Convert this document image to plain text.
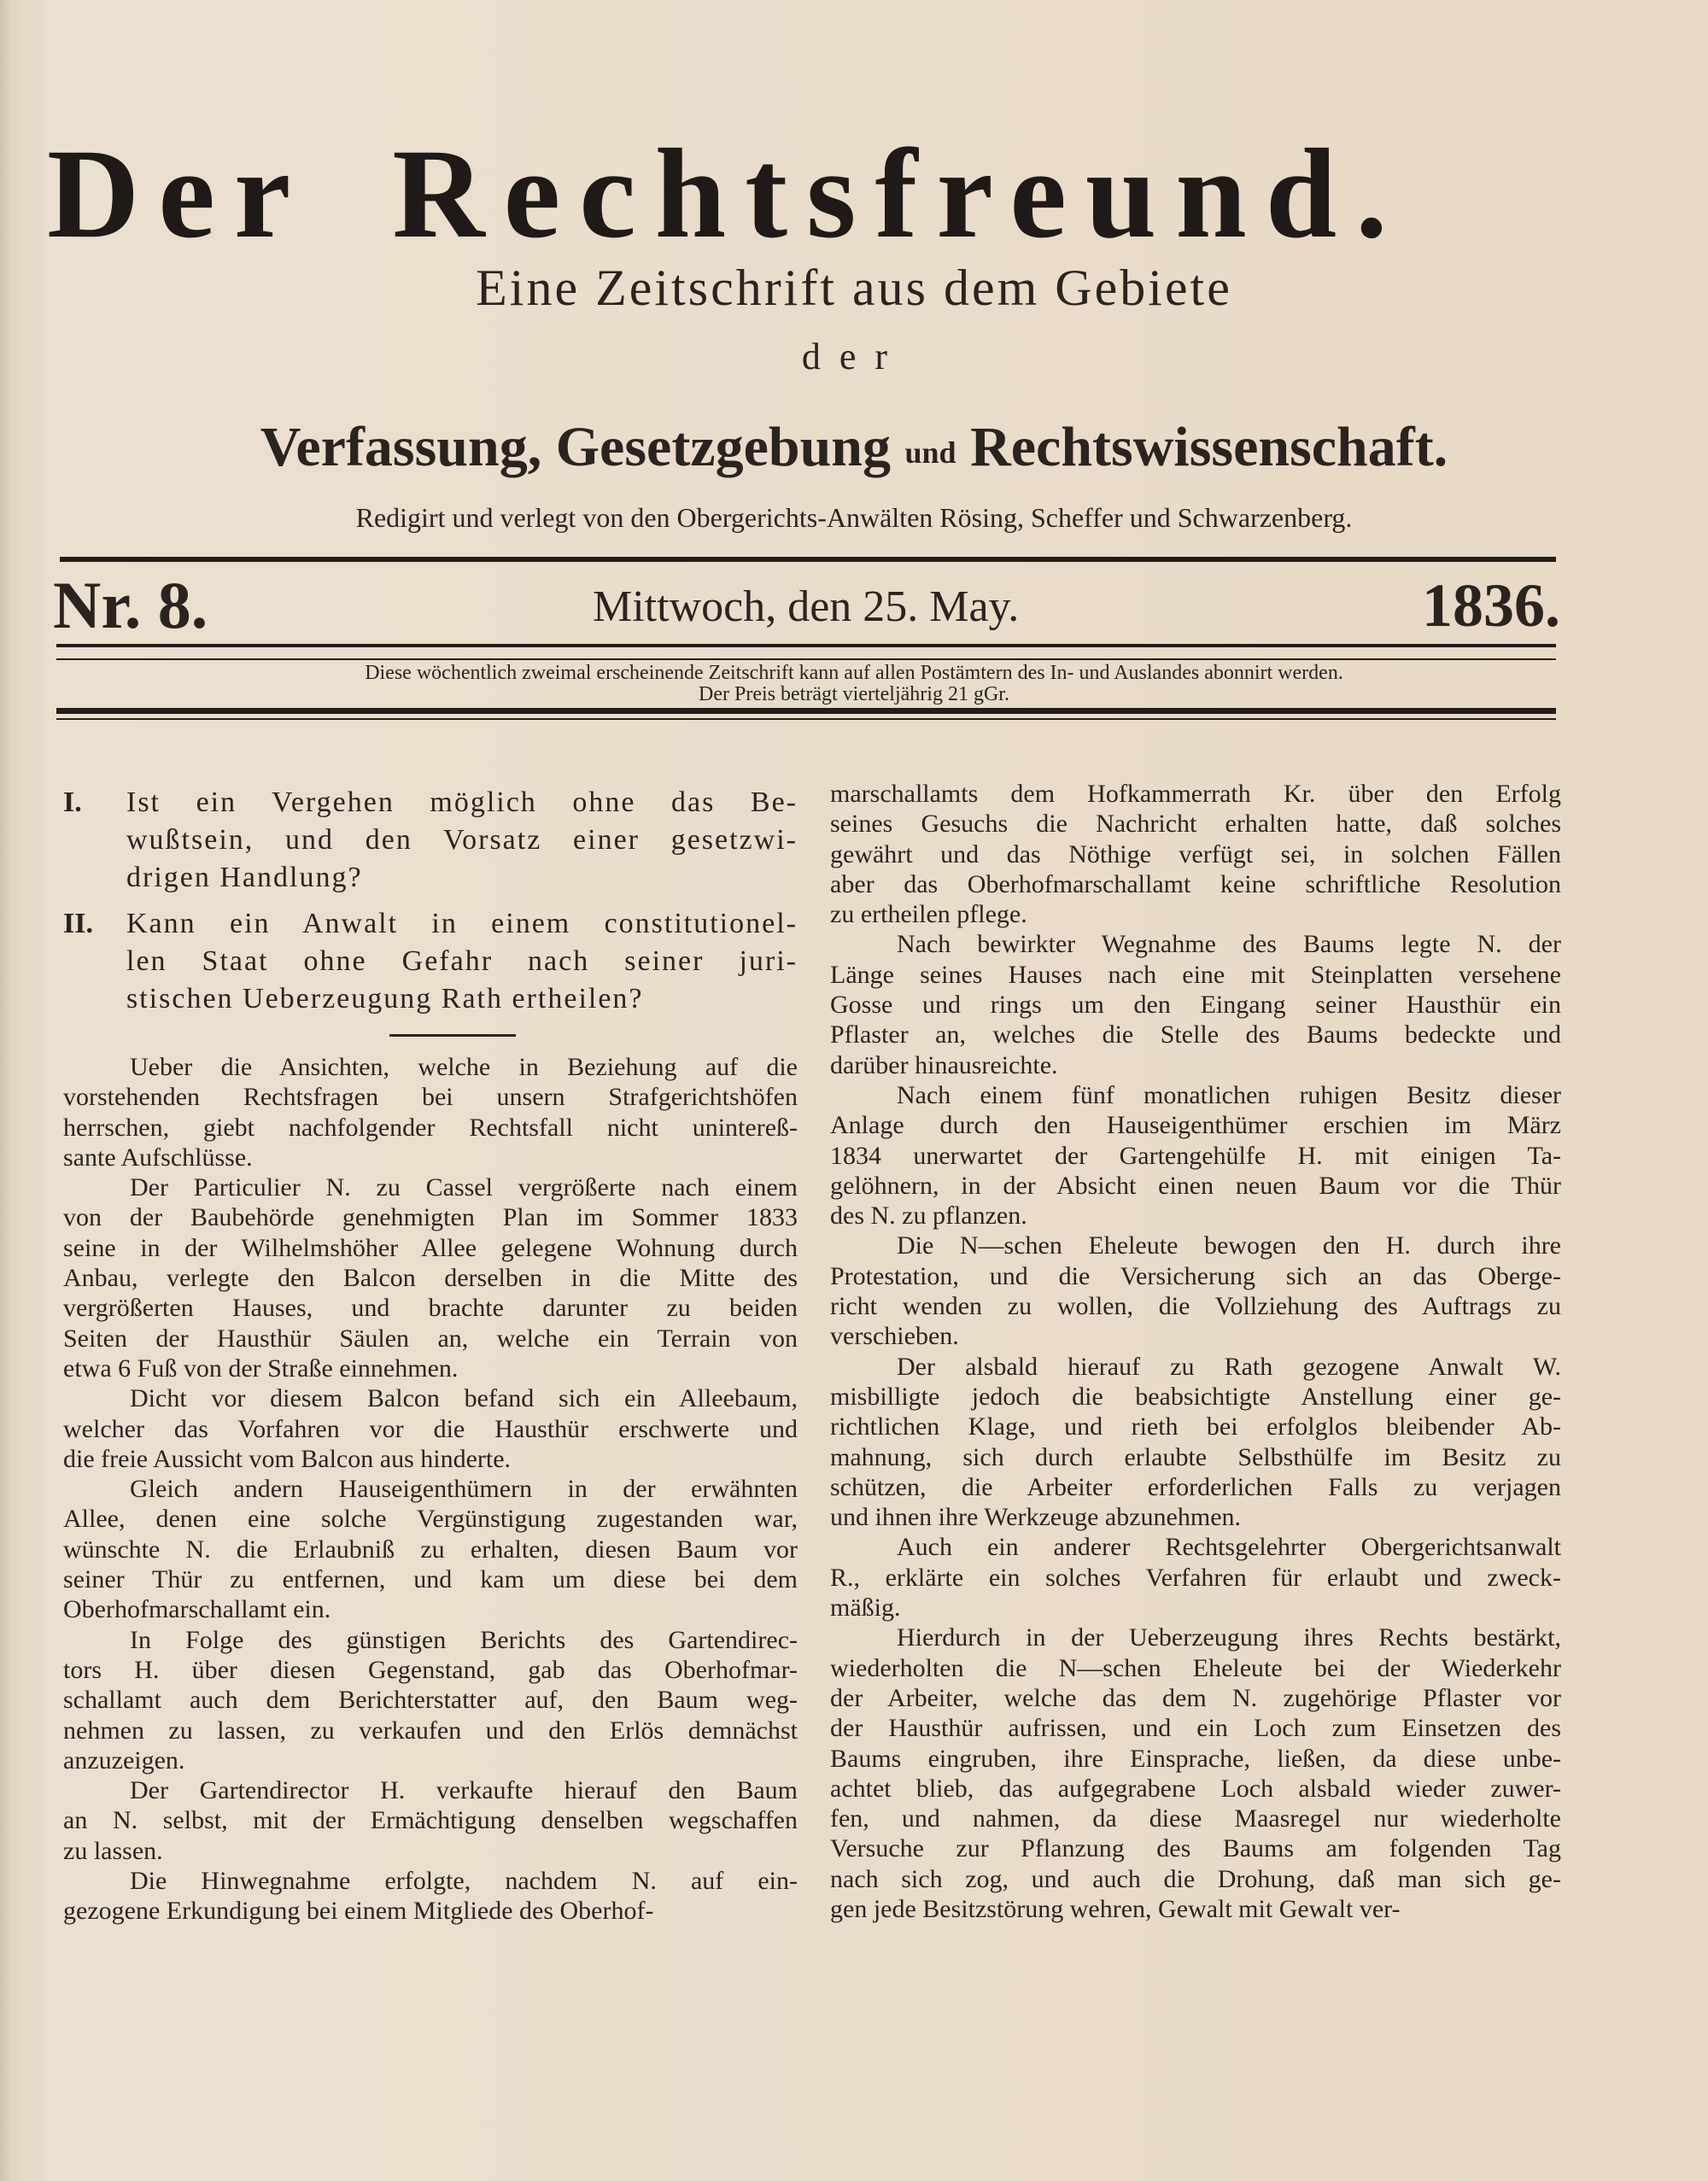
Der Rechtsfreund.
Eine Zeitschrift aus dem Gebiete
der
Verfassung, Gesetzgebung und Rechtswissenschaft.
Redigirt und verlegt von den Obergerichts-Anwälten Rösing, Scheffer und Schwarzenberg.
Nr. 8.	Mittwoch, den 25. May.	1836.
Diese wöchentlich zweimal erscheinende Zeitschrift kann auf allen Postämtern des In- und Auslandes abonnirt werden.
Der Preis beträgt vierteljährig 21 gGr.
I. Ist ein Vergehen möglich ohne das Be-
wußtsein, und den Vorsatz einer gesetzwi-
drigen Handlung?
II. Kann ein Anwalt in einem constitutionel-
len Staat ohne Gefahr nach seiner juri-
stischen Ueberzeugung Rath ertheilen?
Ueber die Ansichten, welche in Beziehung auf die
vorstehenden Rechtsfragen bei unsern Strafgerichtshöfen
herrschen, giebt nachfolgender Rechtsfall nicht unintereß-
sante Aufschlüsse.
Der Particulier N. zu Cassel vergrößerte nach einem
von der Baubehörde genehmigten Plan im Sommer 1833
seine in der Wilhelmshöher Allee gelegene Wohnung durch
Anbau, verlegte den Balcon derselben in die Mitte des
vergrößerten Hauses, und brachte darunter zu beiden
Seiten der Hausthür Säulen an, welche ein Terrain von
etwa 6 Fuß von der Straße einnehmen.
Dicht vor diesem Balcon befand sich ein Alleebaum,
welcher das Vorfahren vor die Hausthür erschwerte und
die freie Aussicht vom Balcon aus hinderte.
Gleich andern Hauseigenthümern in der erwähnten
Allee, denen eine solche Vergünstigung zugestanden war,
wünschte N. die Erlaubniß zu erhalten, diesen Baum vor
seiner Thür zu entfernen, und kam um diese bei dem
Oberhofmarschallamt ein.
In Folge des günstigen Berichts des Gartendirec-
tors H. über diesen Gegenstand, gab das Oberhofmar-
schallamt auch dem Berichterstatter auf, den Baum weg-
nehmen zu lassen, zu verkaufen und den Erlös demnächst
anzuzeigen.
Der Gartendirector H. verkaufte hierauf den Baum
an N. selbst, mit der Ermächtigung denselben wegschaffen
zu lassen.
Die Hinwegnahme erfolgte, nachdem N. auf ein-
gezogene Erkundigung bei einem Mitgliede des Oberhof-
marschallamts dem Hofkammerrath Kr. über den Erfolg
seines Gesuchs die Nachricht erhalten hatte, daß solches
gewährt und das Nöthige verfügt sei, in solchen Fällen
aber das Oberhofmarschallamt keine schriftliche Resolution
zu ertheilen pflege.
Nach bewirkter Wegnahme des Baums legte N. der
Länge seines Hauses nach eine mit Steinplatten versehene
Gosse und rings um den Eingang seiner Hausthür ein
Pflaster an, welches die Stelle des Baums bedeckte und
darüber hinausreichte.
Nach einem fünf monatlichen ruhigen Besitz dieser
Anlage durch den Hauseigenthümer erschien im März
1834 unerwartet der Gartengehülfe H. mit einigen Ta-
gelöhnern, in der Absicht einen neuen Baum vor die Thür
des N. zu pflanzen.
Die N—schen Eheleute bewogen den H. durch ihre
Protestation, und die Versicherung sich an das Oberge-
richt wenden zu wollen, die Vollziehung des Auftrags zu
verschieben.
Der alsbald hierauf zu Rath gezogene Anwalt W.
misbilligte jedoch die beabsichtigte Anstellung einer ge-
richtlichen Klage, und rieth bei erfolglos bleibender Ab-
mahnung, sich durch erlaubte Selbsthülfe im Besitz zu
schützen, die Arbeiter erforderlichen Falls zu verjagen
und ihnen ihre Werkzeuge abzunehmen.
Auch ein anderer Rechtsgelehrter Obergerichtsanwalt
R., erklärte ein solches Verfahren für erlaubt und zweck-
mäßig.
Hierdurch in der Ueberzeugung ihres Rechts bestärkt,
wiederholten die N—schen Eheleute bei der Wiederkehr
der Arbeiter, welche das dem N. zugehörige Pflaster vor
der Hausthür aufrissen, und ein Loch zum Einsetzen des
Baums eingruben, ihre Einsprache, ließen, da diese unbe-
achtet blieb, das aufgegrabene Loch alsbald wieder zuwer-
fen, und nahmen, da diese Maasregel nur wiederholte
Versuche zur Pflanzung des Baums am folgenden Tag
nach sich zog, und auch die Drohung, daß man sich ge-
gen jede Besitzstörung wehren, Gewalt mit Gewalt ver-
